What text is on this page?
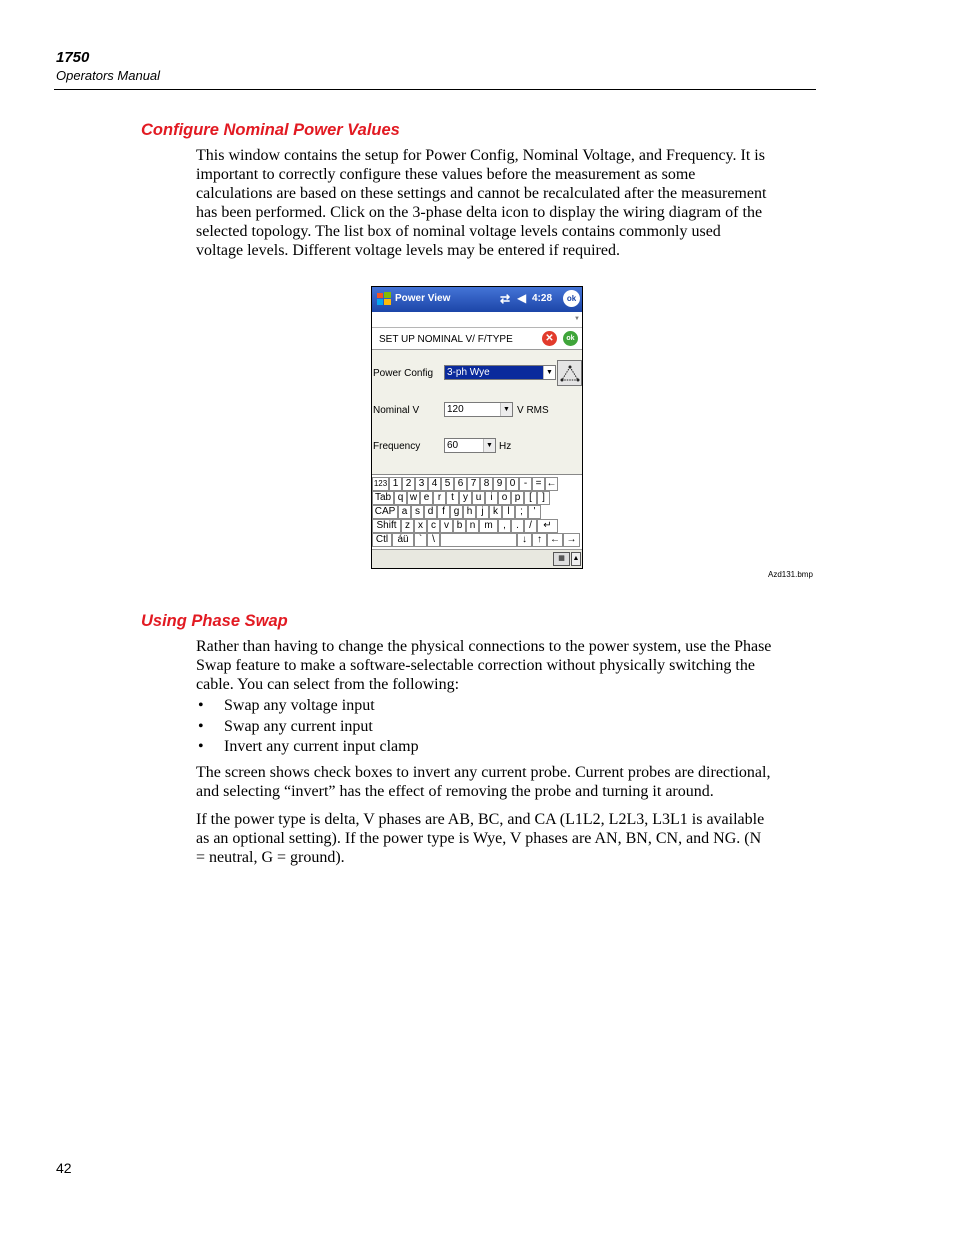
1750
Operators Manual
Configure Nominal Power Values

This window contains the setup for Power Config, Nominal Voltage, and Frequency. It is

important to correctly configure these values before the measurement as some

calculations are based on these settings and cannot be recalculated after the measurement

has been performed. Click on the 3-phase delta icon to display the wiring diagram of the

selected topology. The list box of nominal voltage levels contains commonly used

voltage levels. Different voltage levels may be entered if required.

Power View	⇄ ◀ 4:28	ok
▼
SET UP NOMINAL V/ F/TYPE	✕	ok
Power Config 3-ph Wye	▼
Nominal V	120	▼ V RMS
Frequency	60	▼ Hz
123 1 2 3 4 5 6 7 8 9 0 - = ←
Tab q w e r t y u i o p [	]
CAP a s d f g h j k l	;	'
Shift z x c v b n m	,	.	/	↵
Ctl áü	` \	↓	↑ ← →
▦	▲
Azd131.bmp
Using Phase Swap

Rather than having to change the physical connections to the power system, use the Phase

Swap feature to make a software-selectable correction without physically switching the

cable. You can select from the following:

• Swap any voltage input
• Swap any current input
• Invert any current input clamp

The screen shows check boxes to invert any current probe. Current probes are directional,

and selecting “invert” has the effect of removing the probe and turning it around.

If the power type is delta, V phases are AB, BC, and CA (L1L2, L2L3, L3L1 is available

as an optional setting). If the power type is Wye, V phases are AN, BN, CN, and NG. (N

= neutral, G = ground).

42
